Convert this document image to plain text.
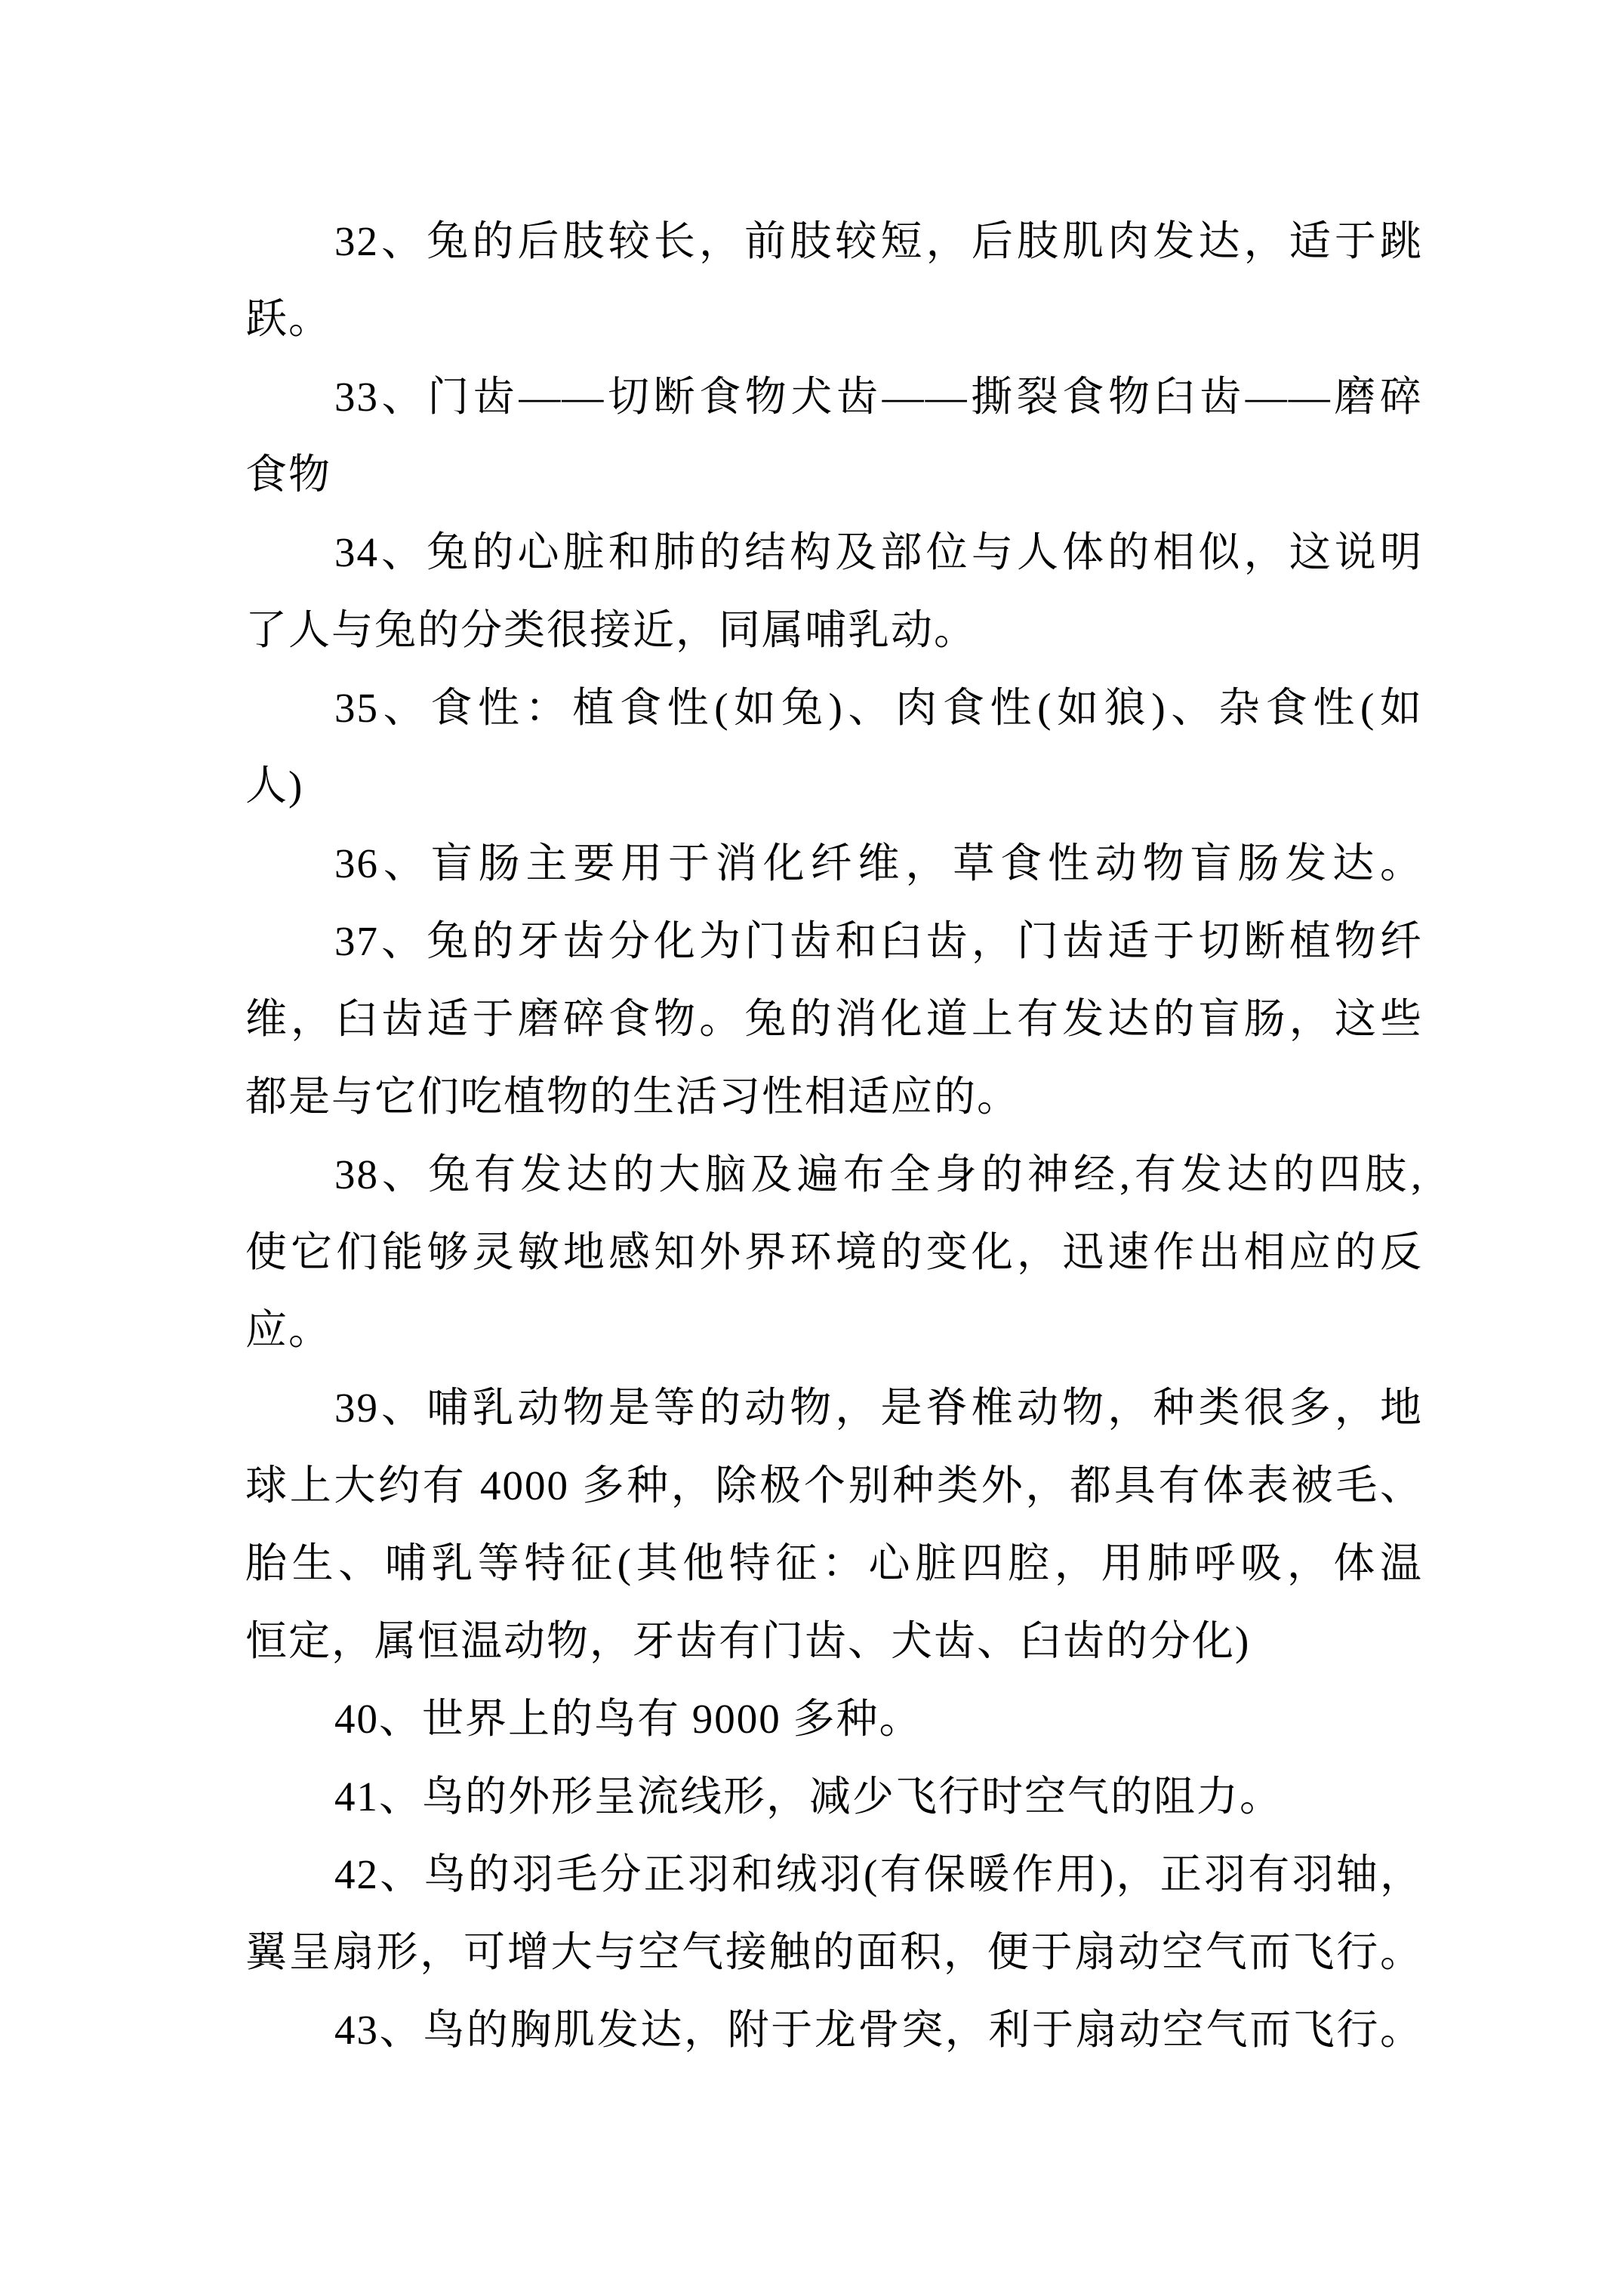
32、兔的后肢较长，前肢较短，后肢肌肉发达，适于跳
跃。
33、门齿——切断食物犬齿——撕裂食物臼齿——磨碎
食物
34、兔的心脏和肺的结构及部位与人体的相似，这说明
了人与兔的分类很接近，同属哺乳动。
35、食性：植食性(如兔)、肉食性(如狼)、杂食性(如
人)
36、盲肠主要用于消化纤维，草食性动物盲肠发达。
37、兔的牙齿分化为门齿和臼齿，门齿适于切断植物纤
维，臼齿适于磨碎食物。兔的消化道上有发达的盲肠，这些
都是与它们吃植物的生活习性相适应的。
38、兔有发达的大脑及遍布全身的神经,有发达的四肢,
使它们能够灵敏地感知外界环境的变化，迅速作出相应的反
应。
39、哺乳动物是等的动物，是脊椎动物，种类很多，地
球上大约有 4000 多种，除极个别种类外，都具有体表被毛、
胎生、哺乳等特征(其他特征：心脏四腔，用肺呼吸，体温
恒定，属恒温动物，牙齿有门齿、犬齿、臼齿的分化)
40、世界上的鸟有 9000 多种。
41、鸟的外形呈流线形，减少飞行时空气的阻力。
42、鸟的羽毛分正羽和绒羽(有保暖作用)，正羽有羽轴，
翼呈扇形，可增大与空气接触的面积，便于扇动空气而飞行。
43、鸟的胸肌发达，附于龙骨突，利于扇动空气而飞行。
